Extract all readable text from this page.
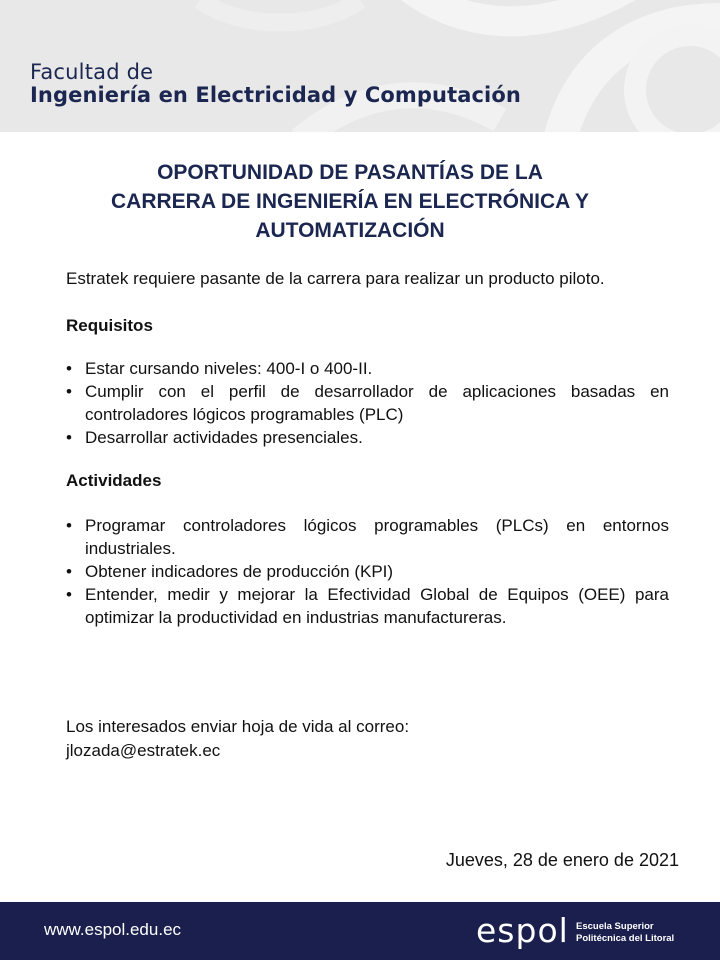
Facultad de
Ingeniería en Electricidad y Computación
OPORTUNIDAD DE PASANTÍAS DE LA
CARRERA DE INGENIERÍA EN ELECTRÓNICA Y
AUTOMATIZACIÓN
Estratek requiere pasante de la carrera para realizar un producto piloto.
Requisitos
• Estar cursando niveles: 400-I o 400-II.
• Cumplir con el perfil de desarrollador de aplicaciones basadas en controladores lógicos programables (PLC)
• Desarrollar actividades presenciales.
Actividades
• Programar controladores lógicos programables (PLCs) en entornos industriales.
• Obtener indicadores de producción (KPI)
• Entender, medir y mejorar la Efectividad Global de Equipos (OEE) para optimizar la productividad en industrias manufactureras.
Los interesados enviar hoja de vida al correo:
jlozada@estratek.ec
Jueves, 28 de enero de 2021
www.espol.edu.ec	espol Escuela Superior
Politécnica del Litoral
